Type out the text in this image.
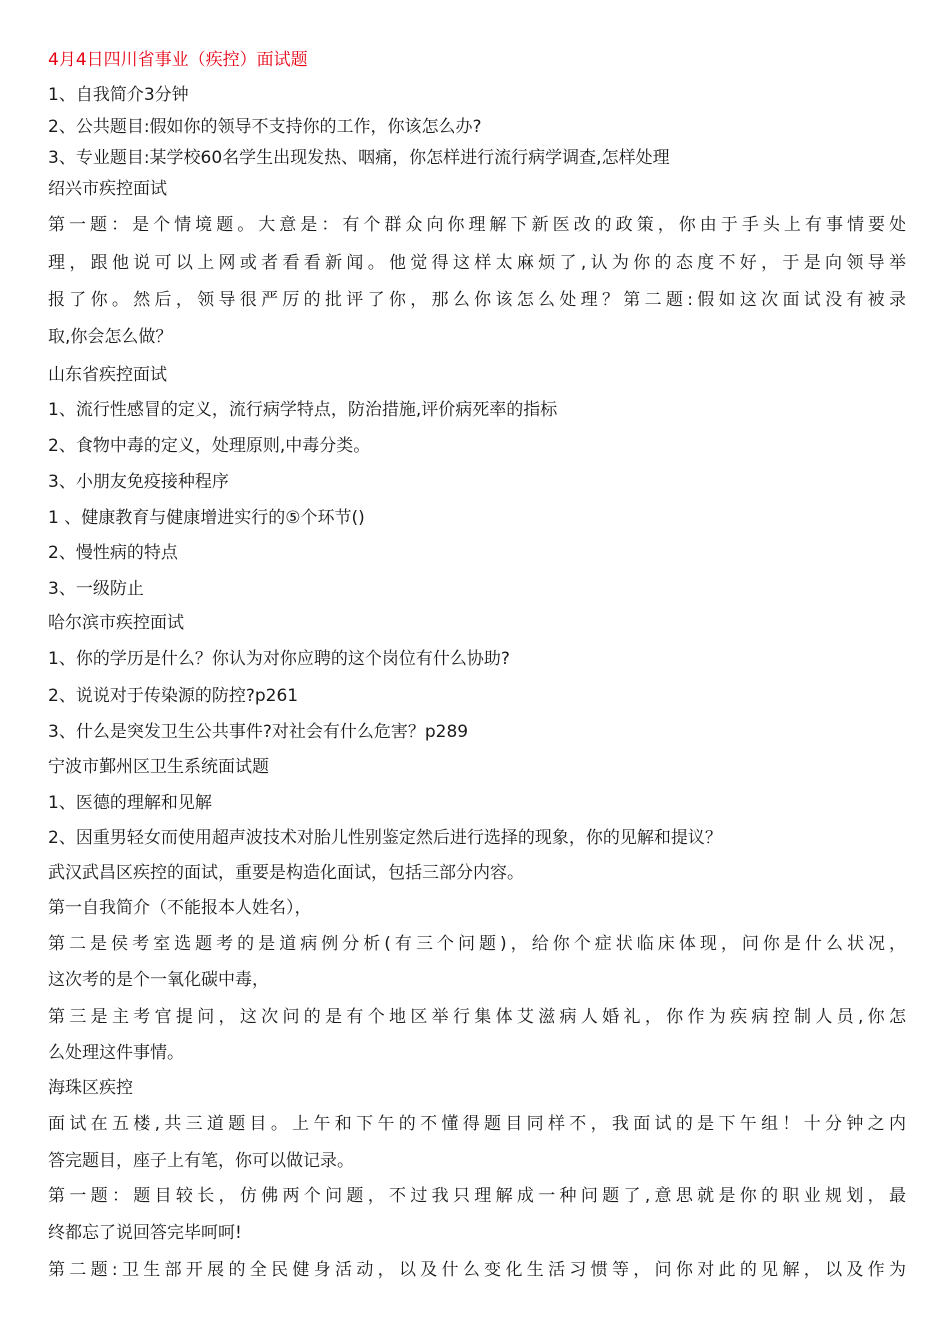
4月4日四川省事业（疾控）面试题
1、自我简介3分钟
2、公共题目:假如你的领导不支持你的工作，你该怎么办?
3、专业题目:某学校60名学生出现发热、咽痛，你怎样进行流行病学调查,怎样处理
绍兴市疾控面试
第一题：是个情境题。大意是：有个群众向你理解下新医改的政策，你由于手头上有事情要处
理，跟他说可以上网或者看看新闻。他觉得这样太麻烦了,认为你的态度不好，于是向领导举
报了你。然后，领导很严厉的批评了你，那么你该怎么处理？第二题:假如这次面试没有被录
取,你会怎么做？
山东省疾控面试
1、流行性感冒的定义，流行病学特点，防治措施,评价病死率的指标
2、食物中毒的定义，处理原则,中毒分类。
3、小朋友免疫接种程序
1 、健康教育与健康增进实行的⑤个环节()
2、慢性病的特点
3、一级防止
哈尔滨市疾控面试
1、你的学历是什么？你认为对你应聘的这个岗位有什么协助?
2、说说对于传染源的防控?p261
3、什么是突发卫生公共事件?对社会有什么危害？p289
宁波市鄞州区卫生系统面试题
1、医德的理解和见解
2、因重男轻女而使用超声波技术对胎儿性别鉴定然后进行选择的现象，你的见解和提议？
武汉武昌区疾控的面试，重要是构造化面试，包括三部分内容。
第一自我简介（不能报本人姓名），
第二是侯考室选题考的是道病例分析(有三个问题)，给你个症状临床体现，问你是什么状况，
这次考的是个一氧化碳中毒，
第三是主考官提问，这次问的是有个地区举行集体艾滋病人婚礼，你作为疾病控制人员,你怎
么处理这件事情。
海珠区疾控
面试在五楼,共三道题目。上午和下午的不懂得题目同样不，我面试的是下午组！十分钟之内
答完题目，座子上有笔，你可以做记录。
第一题：题目较长，仿佛两个问题，不过我只理解成一种问题了,意思就是你的职业规划，最
终都忘了说回答完毕呵呵!
第二题:卫生部开展的全民健身活动，以及什么变化生活习惯等，问你对此的见解，以及作为
